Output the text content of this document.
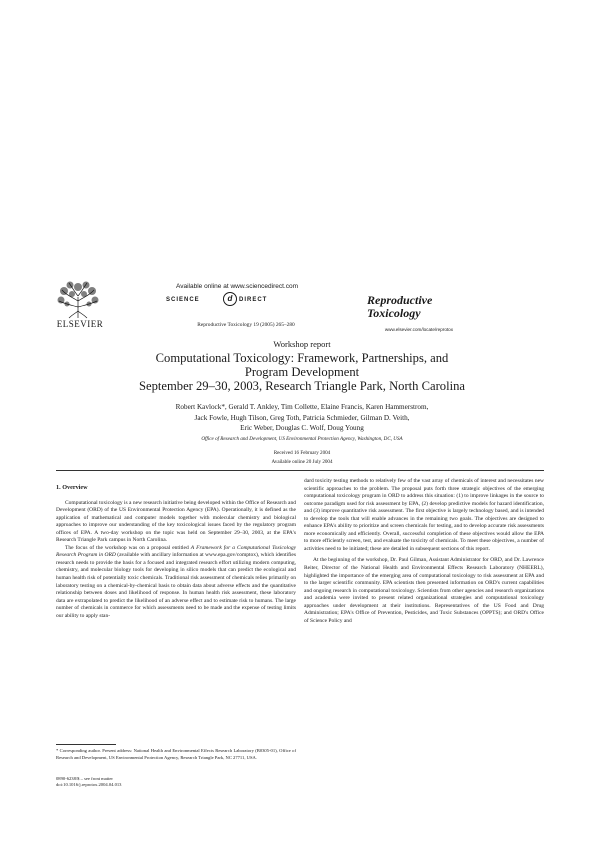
ELSEVIER
Available online at www.sciencedirect.com
SCIENCE	d	DIRECT
Reproductive Toxicology 19 (2005) 265–280
Reproductive
Toxicology
www.elsevier.com/locate/reprotox
Workshop report
Computational Toxicology: Framework, Partnerships, and
Program Development
September 29–30, 2003, Research Triangle Park, North Carolina
Robert Kavlock*, Gerald T. Ankley, Tim Collette, Elaine Francis, Karen Hammerstrom,
Jack Fowle, Hugh Tilson, Greg Toth, Patricia Schmieder, Gilman D. Veith,
Eric Weber, Douglas C. Wolf, Doug Young
Office of Research and Development, US Environmental Protection Agency, Washington, DC, USA
Received 16 February 2004
Available online 20 July 2004
1. Overview

Computational toxicology is a new research initiative being developed within the Office of Research and Development (ORD) of the US Environmental Protection Agency (EPA). Operationally, it is defined as the application of mathematical and computer models together with molecular chemistry and biological approaches to improve our understanding of the key toxicological issues faced by the regulatory program offices of EPA. A two-day workshop on the topic was held on September 29–30, 2003, at the EPA's Research Triangle Park campus in North Carolina.

The focus of the workshop was on a proposal entitled A Framework for a Computational Toxicology Research Program in ORD (available with ancillary information at www.epa.gov/comptox), which identifies research needs to provide the basis for a focused and integrated research effort utilizing modern computing, chemistry, and molecular biology tools for developing in silico models that can predict the ecological and human health risk of potentially toxic chemicals. Traditional risk assessment of chemicals relies primarily on laboratory testing on a chemical-by-chemical basis to obtain data about adverse effects and the quantitative relationship between doses and likelihood of response. In human health risk assessment, these laboratory data are extrapolated to predict the likelihood of an adverse effect and to estimate risk to humans. The large number of chemicals in commerce for which assessments need to be made and the expense of testing limits our ability to apply stan-

dard toxicity testing methods to relatively few of the vast array of chemicals of interest and necessitates new scientific approaches to the problem. The proposal puts forth three strategic objectives of the emerging computational toxicology program in ORD to address this situation: (1) to improve linkages in the source to outcome paradigm used for risk assessment by EPA, (2) develop predictive models for hazard identification, and (3) improve quantitative risk assessment. The first objective is largely technology based, and is intended to develop the tools that will enable advances in the remaining two goals. The objectives are designed to enhance EPA's ability to prioritize and screen chemicals for testing, and to develop accurate risk assessments more economically and efficiently. Overall, successful completion of these objectives would allow the EPA to more efficiently screen, test, and evaluate the toxicity of chemicals. To meet these objectives, a number of activities need to be initiated; these are detailed in subsequent sections of this report.

At the beginning of the workshop, Dr. Paul Gilman, Assistant Administrator for ORD, and Dr. Lawrence Reiter, Director of the National Health and Environmental Effects Research Laboratory (NHEERL), highlighted the importance of the emerging area of computational toxicology to risk assessment at EPA and to the larger scientific community. EPA scientists then presented information on ORD's current capabilities and ongoing research in computational toxicology. Scientists from other agencies and research organizations and academia were invited to present related organizational strategies and computational toxicology approaches under development at their institutions. Representatives of the US Food and Drug Administration; EPA's Office of Prevention, Pesticides, and Toxic Substances (OPPTS); and ORD's Office of Science Policy and

* Corresponding author. Present address: National Health and Environmental Effects Research Laboratory (B0305-01), Office of Research and Development, US Environmental Protection Agency, Research Triangle Park, NC 27711, USA.
0890-6238/$ – see front matter
doi:10.1016/j.reprotox.2004.04.013
